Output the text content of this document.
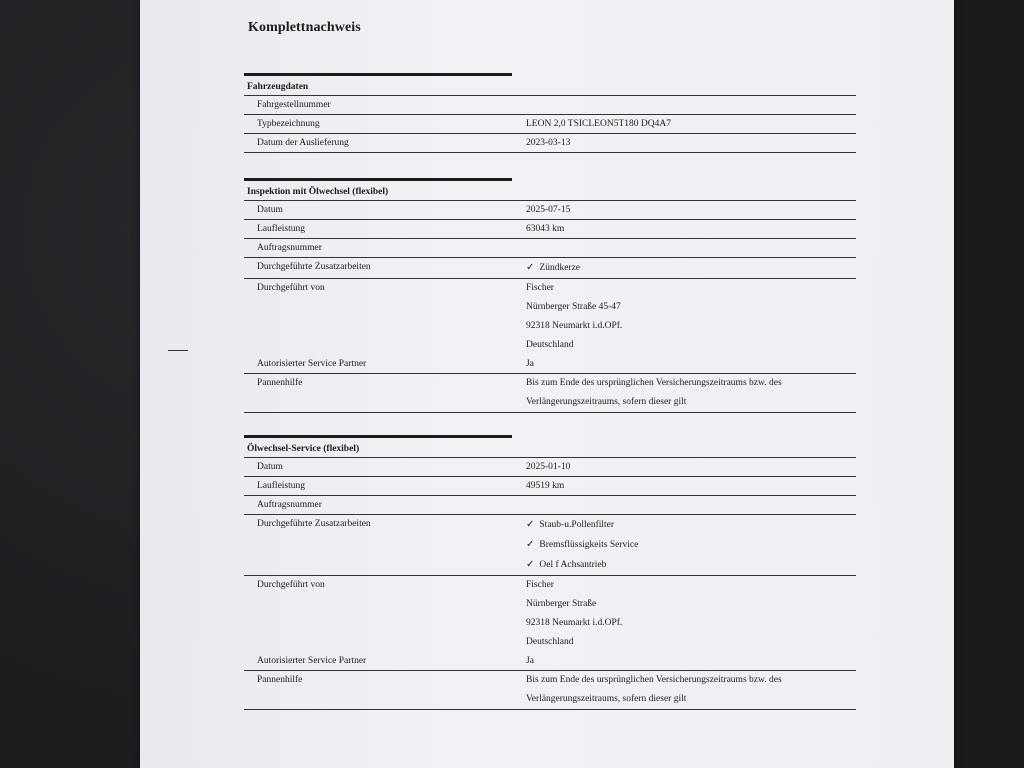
Komplettnachweis
Fahrzeugdaten
Fahrgestellnummer
Typbezeichnung	LEON 2,0 TSICLEON5T180 DQ4A7
Datum der Auslieferung	2023-03-13
Inspektion mit Ölwechsel (flexibel)
Datum	2025-07-15
Laufleistung	63043 km
Auftragsnummer
Durchgeführte Zusatzarbeiten	✓ Zündkerze
Durchgeführt von	Fischer
Nürnberger Straße 45-47
92318 Neumarkt i.d.OPf.
Deutschland
Autorisierter Service Partner	Ja
Pannenhilfe	Bis zum Ende des ursprünglichen Versicherungszeitraums bzw. des
Verlängerungszeitraums, sofern dieser gilt
Ölwechsel-Service (flexibel)
Datum	2025-01-10
Laufleistung	49519 km
Auftragsnummer
Durchgeführte Zusatzarbeiten	✓ Staub-u.Pollenfilter
✓ Bremsflüssigkeits Service
✓ Oel f Achsantrieb
Durchgeführt von	Fischer
Nürnberger Straße
92318 Neumarkt i.d.OPf.
Deutschland
Autorisierter Service Partner	Ja
Pannenhilfe	Bis zum Ende des ursprünglichen Versicherungszeitraums bzw. des
Verlängerungszeitraums, sofern dieser gilt
